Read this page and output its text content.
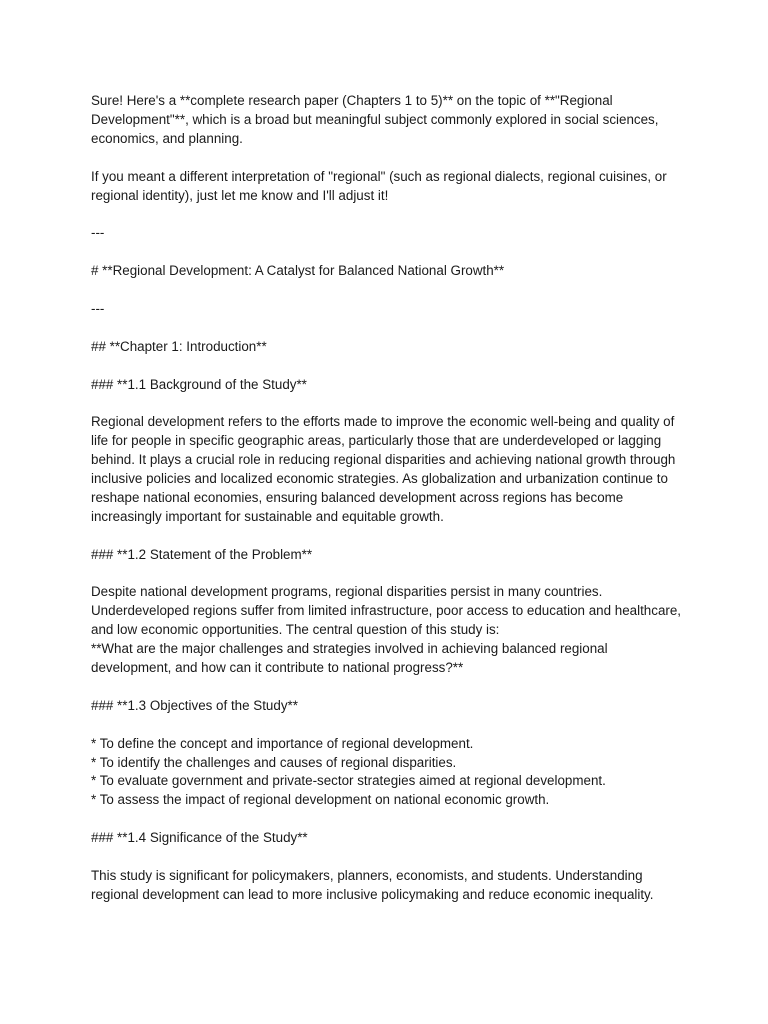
Sure! Here's a **complete research paper (Chapters 1 to 5)** on the topic of **"Regional Development"**, which is a broad but meaningful subject commonly explored in social sciences, economics, and planning.

If you meant a different interpretation of "regional" (such as regional dialects, regional cuisines, or regional identity), just let me know and I'll adjust it!

---

# **Regional Development: A Catalyst for Balanced National Growth**

---

## **Chapter 1: Introduction**

### **1.1 Background of the Study**

Regional development refers to the efforts made to improve the economic well-being and quality of life for people in specific geographic areas, particularly those that are underdeveloped or lagging behind. It plays a crucial role in reducing regional disparities and achieving national growth through inclusive policies and localized economic strategies. As globalization and urbanization continue to reshape national economies, ensuring balanced development across regions has become increasingly important for sustainable and equitable growth.

### **1.2 Statement of the Problem**

Despite national development programs, regional disparities persist in many countries. Underdeveloped regions suffer from limited infrastructure, poor access to education and healthcare, and low economic opportunities. The central question of this study is:
**What are the major challenges and strategies involved in achieving balanced regional development, and how can it contribute to national progress?**

### **1.3 Objectives of the Study**

* To define the concept and importance of regional development.
* To identify the challenges and causes of regional disparities.
* To evaluate government and private-sector strategies aimed at regional development.
* To assess the impact of regional development on national economic growth.

### **1.4 Significance of the Study**

This study is significant for policymakers, planners, economists, and students. Understanding regional development can lead to more inclusive policymaking and reduce economic inequality.
